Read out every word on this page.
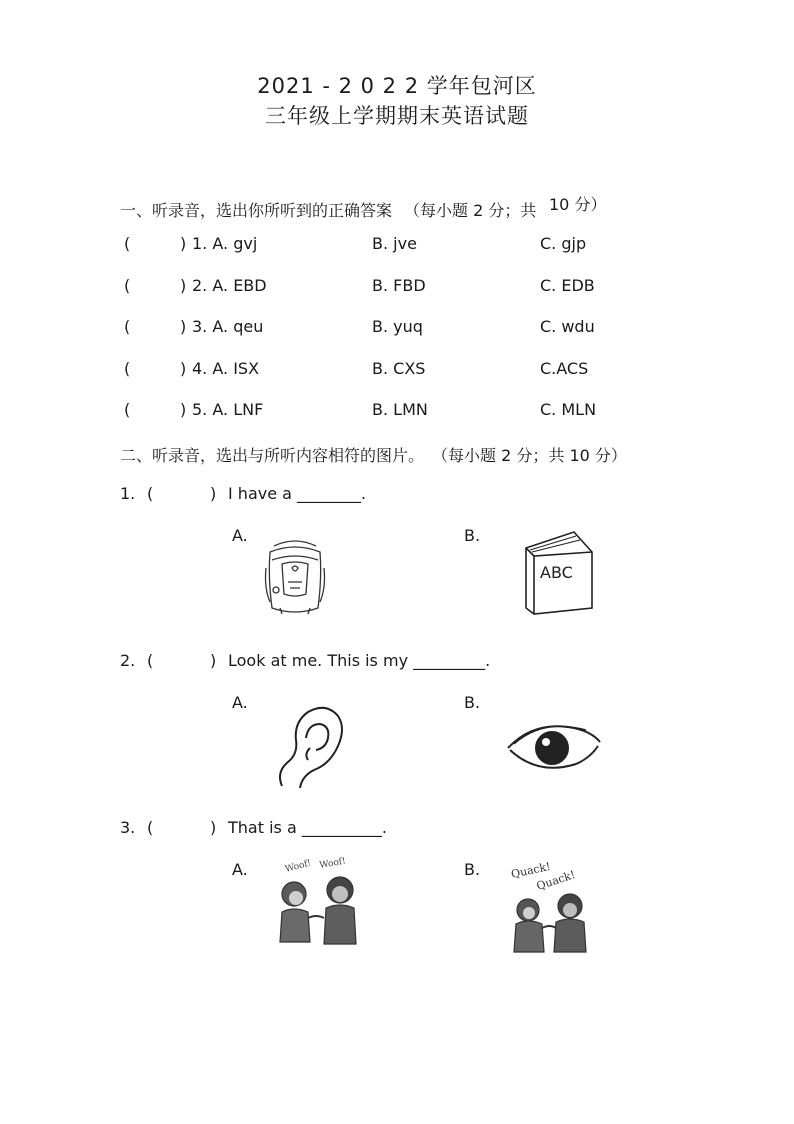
2021 - 2 0 2 2 学年包河区
三年级上学期期末英语试题
一、听录音，选出你所听到的正确答案 （每小题 2 分；共 10 分）
(	) 1. A. gvj	B. jve	C. gjp
(	) 2. A. EBD	B. FBD	C. EDB
(	) 3. A. qeu	B. yuq	C. wdu
(	) 4. A. ISX	B. CXS	C.ACS
(	) 5. A. LNF	B. LMN	C. MLN
二、听录音，选出与所听内容相符的图片。 （每小题 2 分；共 10 分）
1. (	) I have a ________.
A.	B.
ABC
2. (	) Look at me. This is my _________.
A.	B.
3. (	) That is a __________.
A.	B.
Woof! Woof!	Quack!
Quack!
